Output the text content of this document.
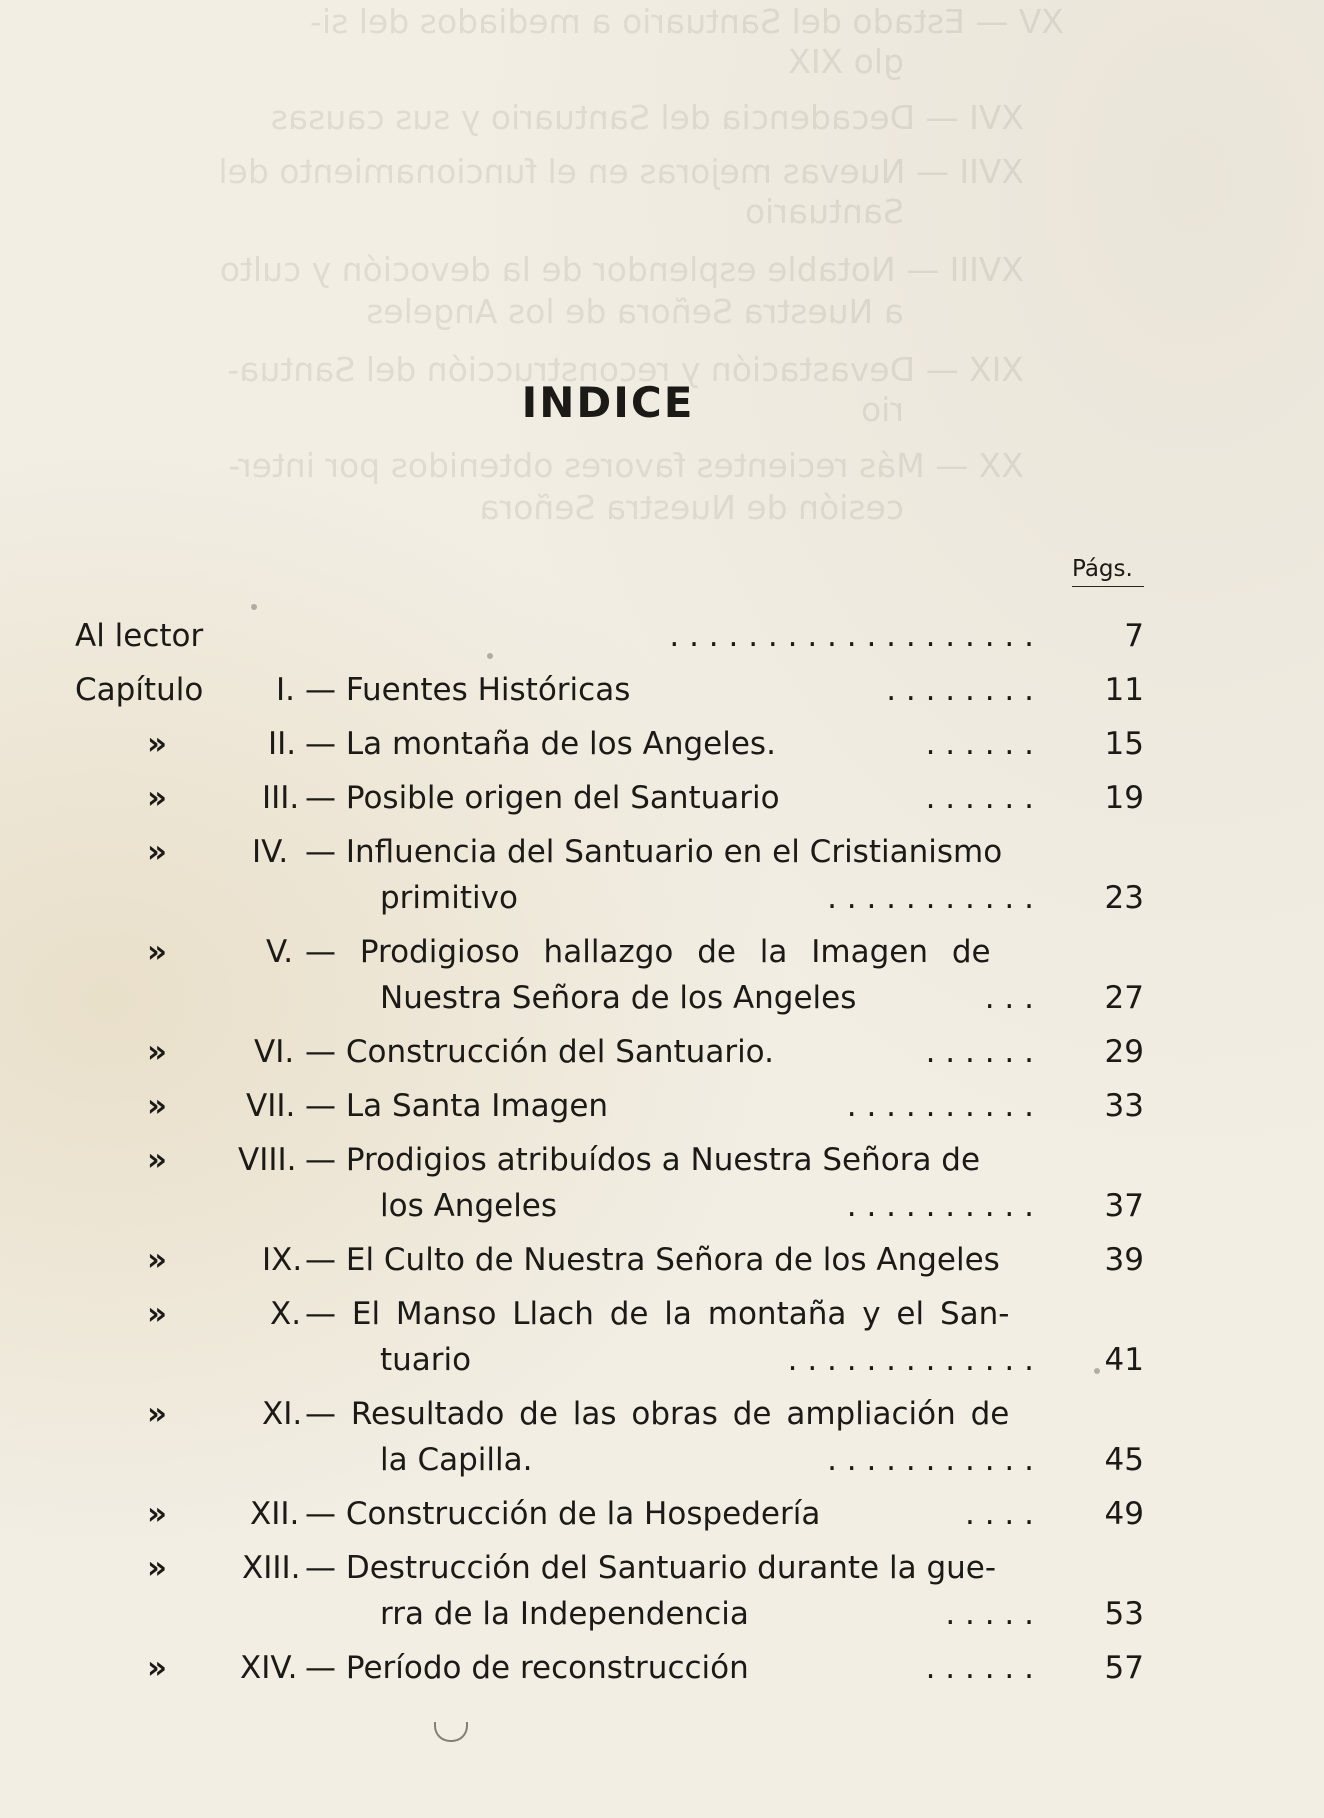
XV — Estado del Santuario a mediados del si-
glo XIX
XVI — Decadencia del Santuario y sus causas
XVII — Nuevas mejoras en el funcionamiento del
Santuario
XVIII — Notable esplendor de la devoción y culto
a Nuestra Señora de los Angeles
XIX — Devastación y reconstrucción del Santua-
rio
XX — Más recientes favores obtenidos por inter-
cesión de Nuestra Señora
INDICE
Págs.
Al lector	. . . . . . . . . . . . . . . . . . .	7
Capítulo I. — Fuentes Históricas	. . . . . . . . 11
»	II. — La montaña de los Angeles.	. . . . . . 15
»	III. — Posible origen del Santuario	. . . . . . 19
»	IV. — Influencia del Santuario en el Cristianismo
primitivo	. . . . . . . . . . . 23
»	V. — Prodigioso hallazgo de la Imagen de
Nuestra Señora de los Angeles	. . . 27
»	VI. — Construcción del Santuario.	. . . . . . 29
»	VII. — La Santa Imagen	. . . . . . . . . . 33
» VIII. — Prodigios atribuídos a Nuestra Señora de
los Angeles	. . . . . . . . . . 37
»	IX. — El Culto de Nuestra Señora de los Angeles	39
»	X. — El Manso Llach de la montaña y el San-
tuario	. . . . . . . . . . . . . 41
»	XI. — Resultado de las obras de ampliación de
la Capilla.	. . . . . . . . . . . 45
»	XII. — Construcción de la Hospedería	. . . . 49
» XIII. — Destrucción del Santuario durante la gue-
rra de la Independencia	. . . . . 53
» XIV. — Período de reconstrucción	. . . . . . 57
